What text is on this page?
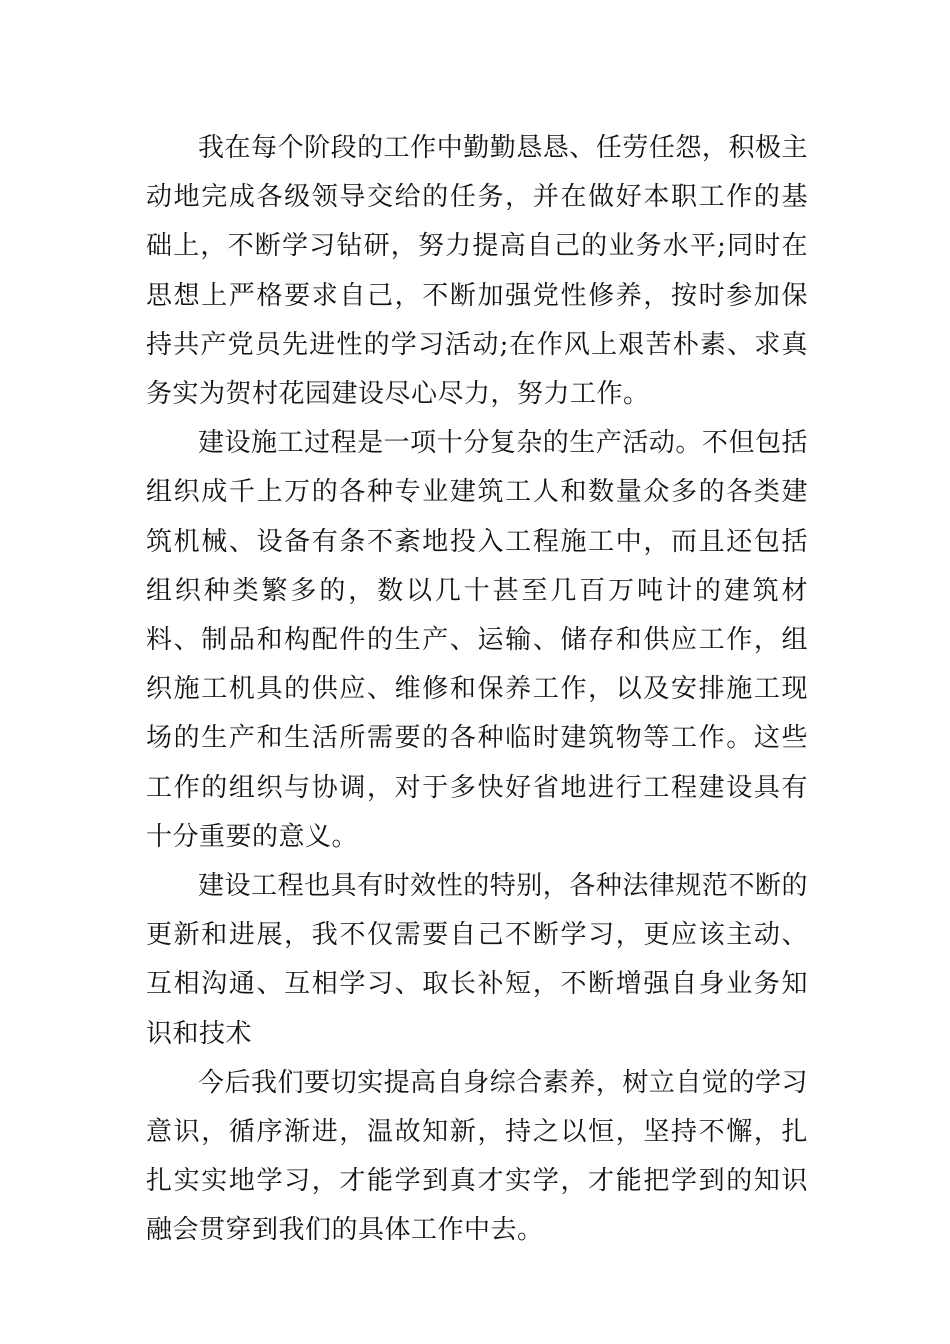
我在每个阶段的工作中勤勤恳恳、任劳任怨，积极主动地完成各级领导交给的任务，并在做好本职工作的基础上，不断学习钻研，努力提高自己的业务水平;同时在思想上严格要求自己，不断加强党性修养，按时参加保持共产党员先进性的学习活动;在作风上艰苦朴素、求真务实为贺村花园建设尽心尽力，努力工作。

建设施工过程是一项十分复杂的生产活动。不但包括组织成千上万的各种专业建筑工人和数量众多的各类建筑机械、设备有条不紊地投入工程施工中，而且还包括组织种类繁多的，数以几十甚至几百万吨计的建筑材料、制品和构配件的生产、运输、储存和供应工作，组织施工机具的供应、维修和保养工作，以及安排施工现场的生产和生活所需要的各种临时建筑物等工作。这些工作的组织与协调，对于多快好省地进行工程建设具有十分重要的意义。

建设工程也具有时效性的特别，各种法律规范不断的更新和进展，我不仅需要自己不断学习，更应该主动、互相沟通、互相学习、取长补短，不断增强自身业务知识和技术

今后我们要切实提高自身综合素养，树立自觉的学习意识，循序渐进，温故知新，持之以恒，坚持不懈，扎扎实实地学习，才能学到真才实学，才能把学到的知识融会贯穿到我们的具体工作中去。
